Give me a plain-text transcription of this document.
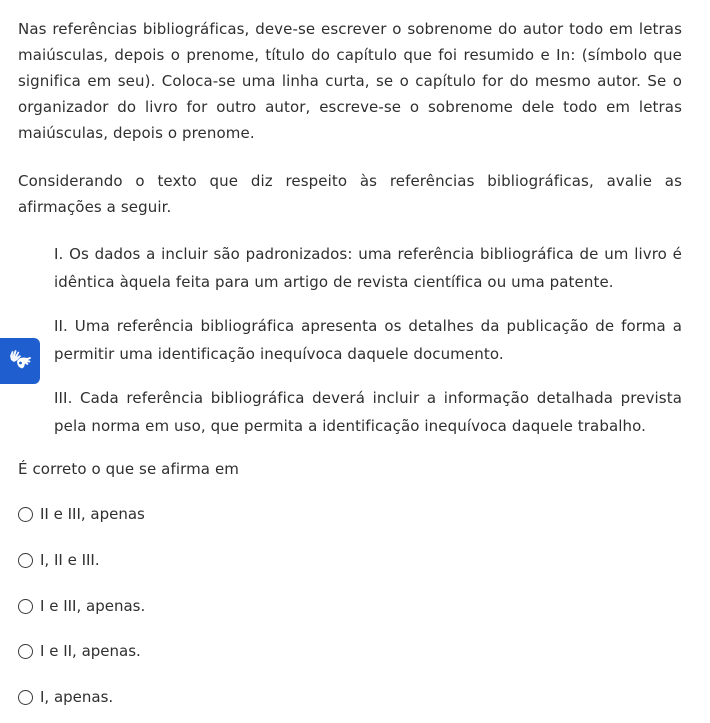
Nas referências bibliográficas, deve-se escrever o sobrenome do autor todo em letras maiúsculas, depois o prenome, título do capítulo que foi resumido e In: (símbolo que significa em seu). Coloca-se uma linha curta, se o capítulo for do mesmo autor. Se o organizador do livro for outro autor, escreve-se o sobrenome dele todo em letras maiúsculas, depois o prenome.

Considerando o texto que diz respeito às referências bibliográficas, avalie as afirmações a seguir.

I. Os dados a incluir são padronizados: uma referência bibliográfica de um livro é idêntica àquela feita para um artigo de revista científica ou uma patente.

II. Uma referência bibliográfica apresenta os detalhes da publicação de forma a permitir uma identificação inequívoca daquele documento.

III. Cada referência bibliográfica deverá incluir a informação detalhada prevista pela norma em uso, que permita a identificação inequívoca daquele trabalho.

É correto o que se afirma em

II e III, apenas
I, II e III.
I e III, apenas.
I e II, apenas.
I, apenas.
